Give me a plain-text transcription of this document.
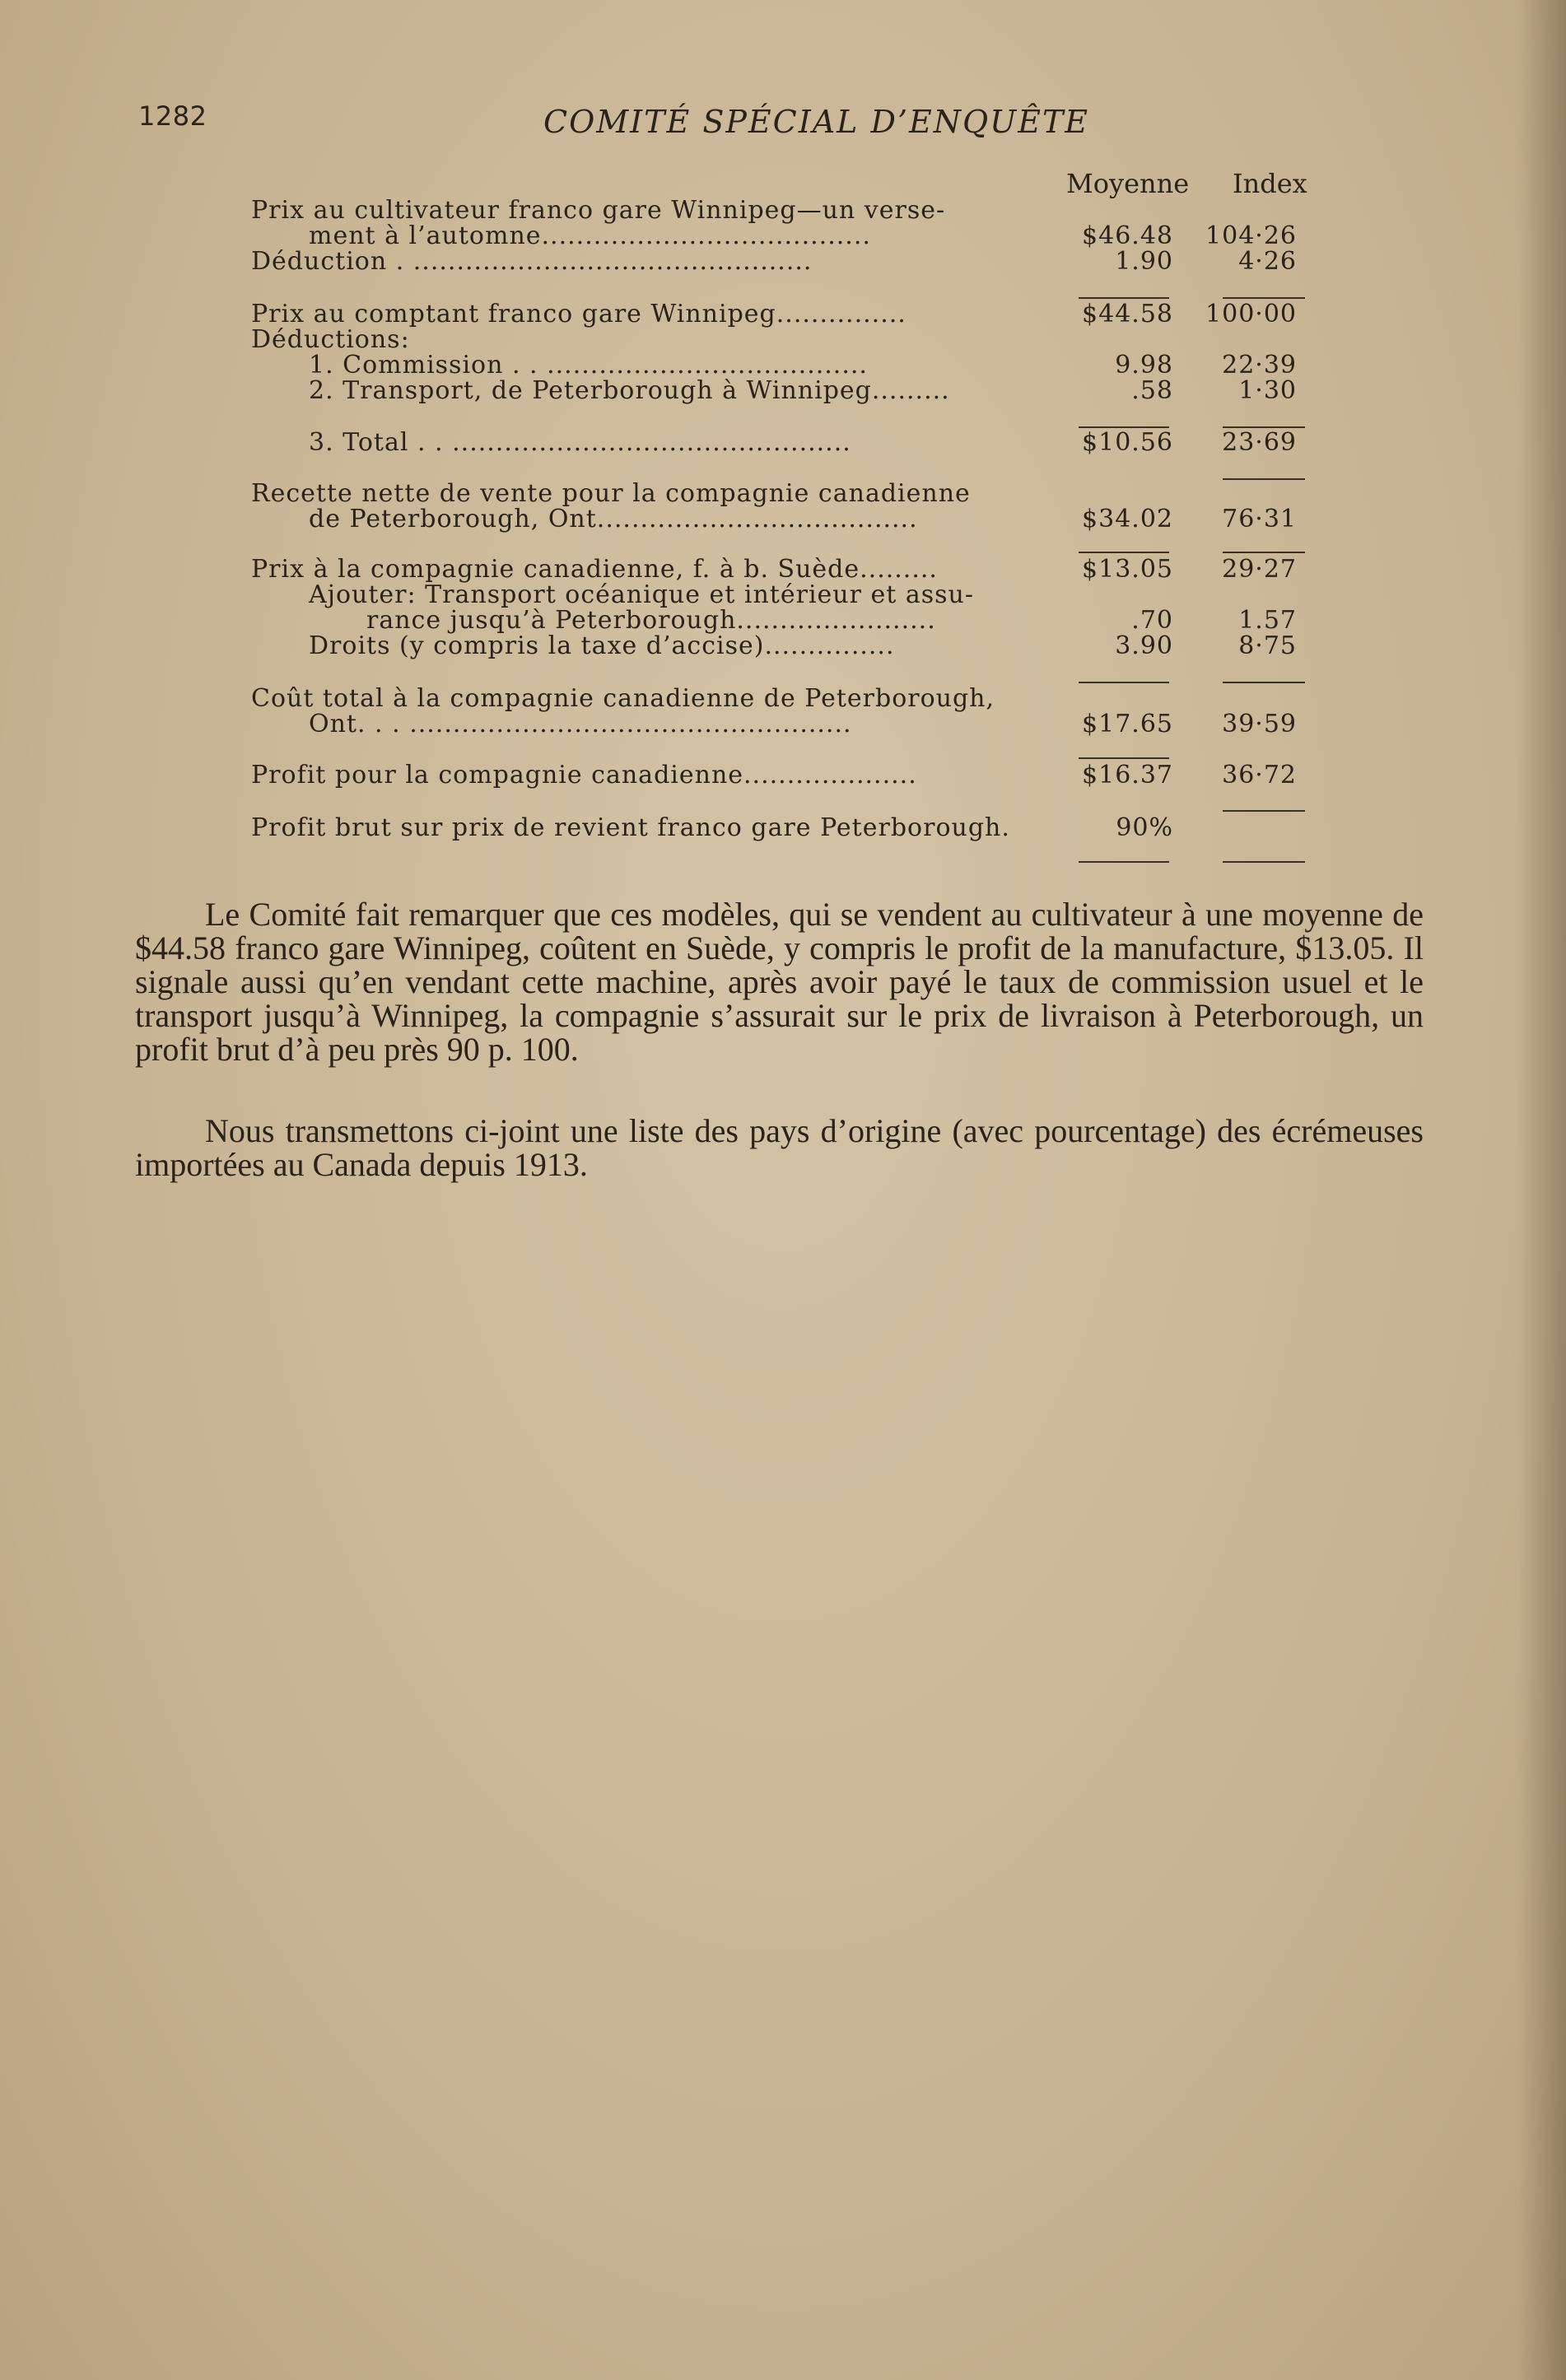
1282	COMITÉ SPÉCIAL D’ENQUÊTE
Moyenne Index
Prix au cultivateur franco gare Winnipeg—un verse-
ment à l’automne......................................	$46.48	104·26
Déduction . ..............................................	1.90	4·26
Prix au comptant franco gare Winnipeg...............	$44.58	100·00
Déductions:
1. Commission . . .....................................	9.98	22·39
2. Transport, de Peterborough à Winnipeg.........	.58	1·30
3. Total . . ..............................................	$10.56	23·69
Recette nette de vente pour la compagnie canadienne
de Peterborough, Ont.....................................	$34.02	76·31
Prix à la compagnie canadienne, f. à b. Suède.........	$13.05	29·27
Ajouter: Transport océanique et intérieur et assu-
rance jusqu’à Peterborough.......................	.70	1.57
Droits (y compris la taxe d’accise)...............	3.90	8·75
Coût total à la compagnie canadienne de Peterborough,
Ont. . . ...................................................	$17.65	39·59
Profit pour la compagnie canadienne....................	$16.37	36·72
Profit brut sur prix de revient franco gare Peterborough.	90%
Le Comité fait remarquer que ces modèles, qui se vendent au cultivateur à une moyenne de $44.58 franco gare Winnipeg, coûtent en Suède, y compris le profit de la manufacture, $13.05. Il signale aussi qu’en vendant cette machine, après avoir payé le taux de commission usuel et le transport jusqu’à Winnipeg, la compagnie s’assurait sur le prix de livraison à Peterborough, un profit brut d’à peu près 90 p. 100.
Nous transmettons ci-joint une liste des pays d’origine (avec pourcentage) des écrémeuses importées au Canada depuis 1913.
